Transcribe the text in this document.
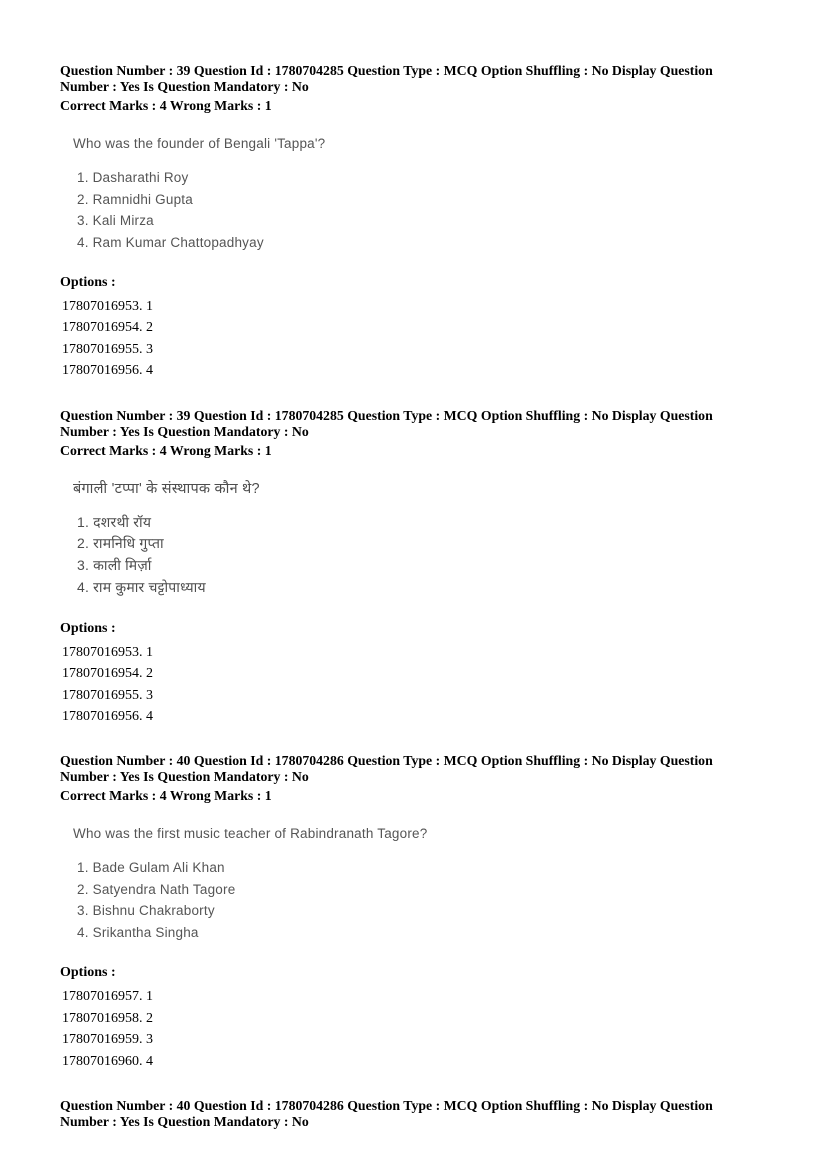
Question Number : 39 Question Id : 1780704285 Question Type : MCQ Option Shuffling : No Display Question Number : Yes Is Question Mandatory : No

Correct Marks : 4 Wrong Marks : 1

Who was the founder of Bengali 'Tappa'?

1. Dasharathi Roy
2. Ramnidhi Gupta
3. Kali Mirza
4. Ram Kumar Chattopadhyay

Options :

17807016953. 1

17807016954. 2

17807016955. 3

17807016956. 4

Question Number : 39 Question Id : 1780704285 Question Type : MCQ Option Shuffling : No Display Question Number : Yes Is Question Mandatory : No

Correct Marks : 4 Wrong Marks : 1

बंगाली 'टप्पा' के संस्थापक कौन थे?

1. दशरथी रॉय
2. रामनिधि गुप्ता
3. काली मिर्ज़ा
4. राम कुमार चट्टोपाध्याय

Options :

17807016953. 1

17807016954. 2

17807016955. 3

17807016956. 4

Question Number : 40 Question Id : 1780704286 Question Type : MCQ Option Shuffling : No Display Question Number : Yes Is Question Mandatory : No

Correct Marks : 4 Wrong Marks : 1

Who was the first music teacher of Rabindranath Tagore?

1. Bade Gulam Ali Khan
2. Satyendra Nath Tagore
3. Bishnu Chakraborty
4. Srikantha Singha

Options :

17807016957. 1

17807016958. 2

17807016959. 3

17807016960. 4

Question Number : 40 Question Id : 1780704286 Question Type : MCQ Option Shuffling : No Display Question Number : Yes Is Question Mandatory : No
